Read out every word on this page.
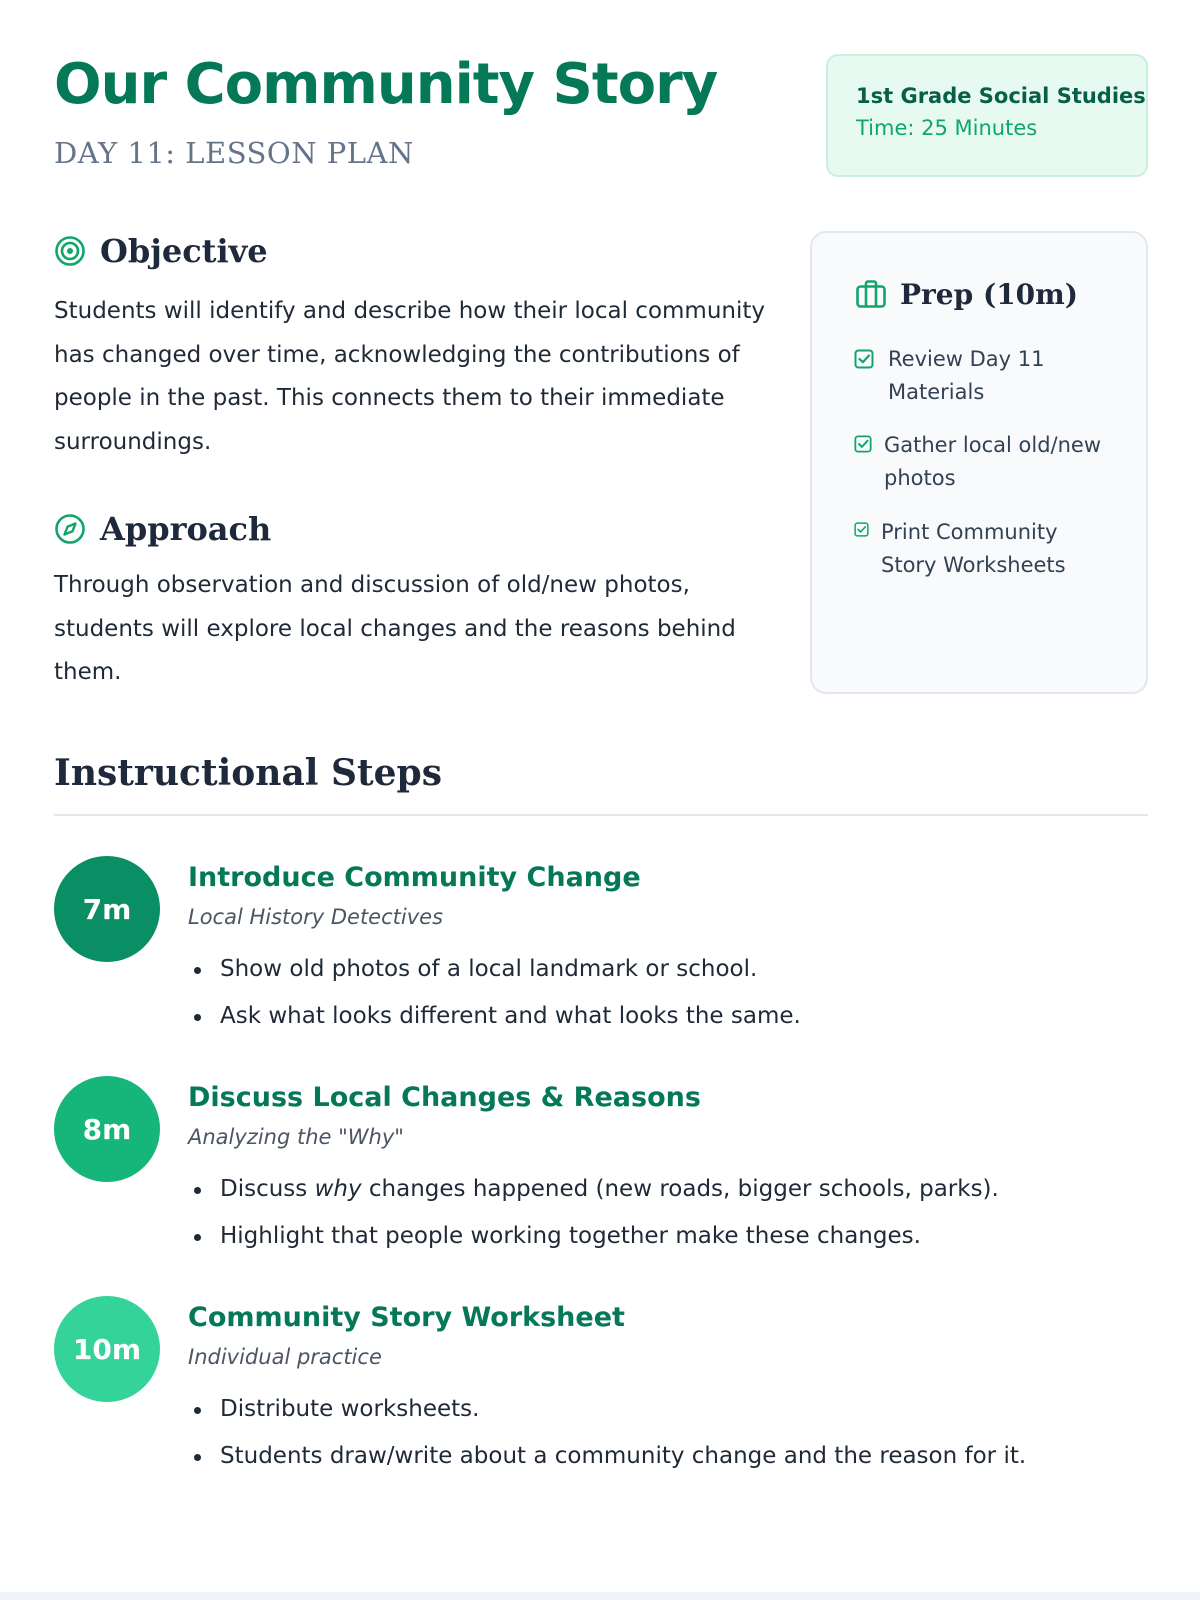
Our Community Story
DAY 11: LESSON PLAN
1st Grade Social Studies
Time: 25 Minutes
Objective

Students will identify and describe how their local community has changed over time, acknowledging the contributions of people in the past. This connects them to their immediate surroundings.

Approach

Through observation and discussion of old/new photos, students will explore local changes and the reasons behind them.

Prep (10m)
Review Day 11 Materials
Gather local old/new photos
Print Community Story Worksheets
Instructional Steps
7m
Introduce Community Change
Local History Detectives
Show old photos of a local landmark or school.
Ask what looks different and what looks the same.
8m
Discuss Local Changes & Reasons
Analyzing the "Why"
Discuss why changes happened (new roads, bigger schools, parks).
Highlight that people working together make these changes.
10m
Community Story Worksheet
Individual practice
Distribute worksheets.
Students draw/write about a community change and the reason for it.
